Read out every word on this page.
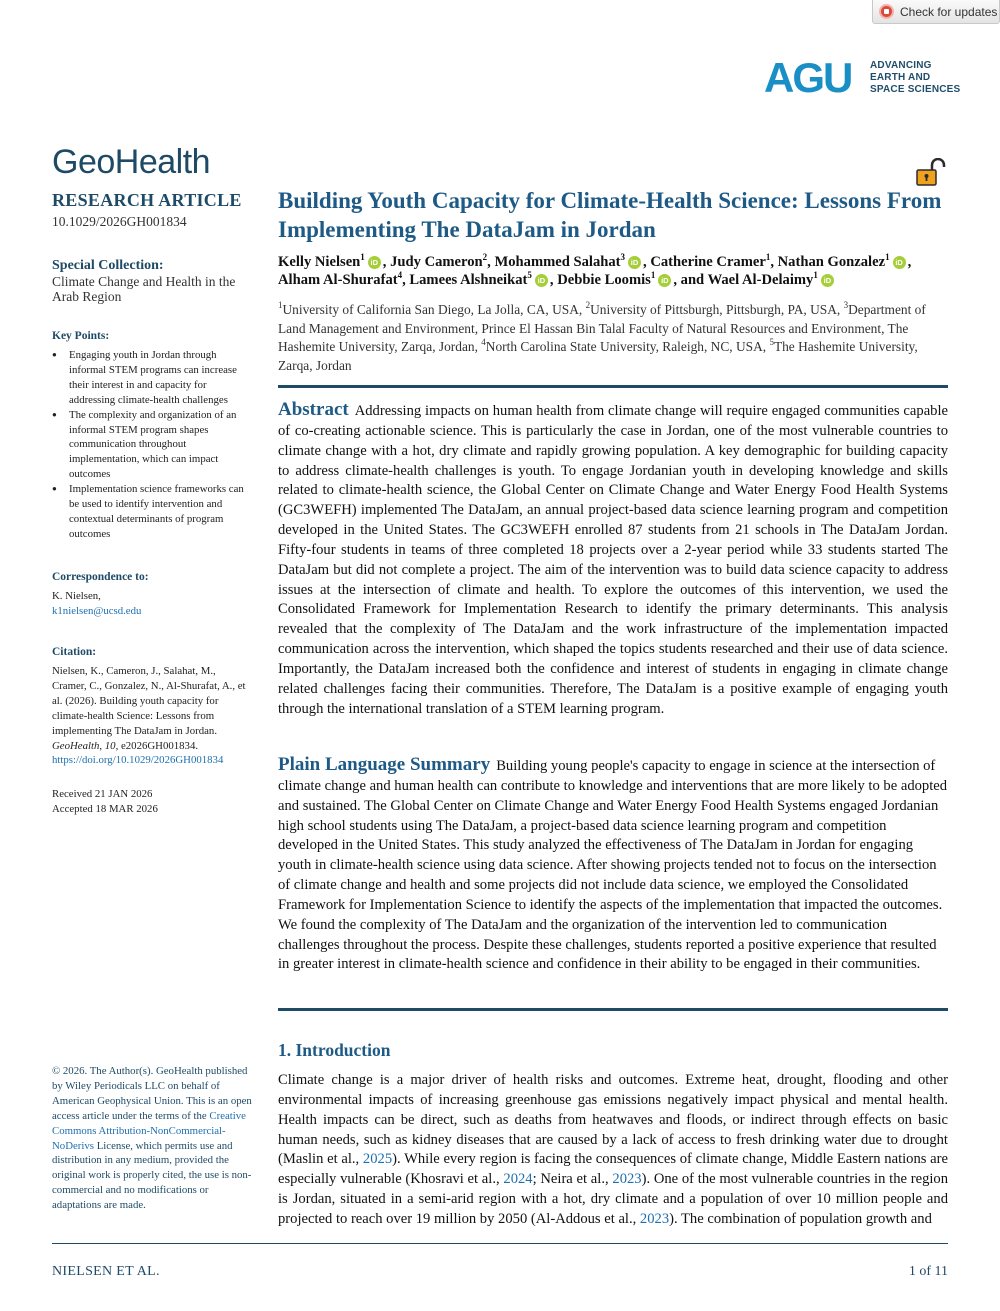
Check for updates
AGU ADVANCING
EARTH AND
SPACE SCIENCES
GeoHealth
RESEARCH ARTICLE
10.1029/2026GH001834
Special Collection:
Climate Change and Health in the Arab Region
Key Points:
● Engaging youth in Jordan through informal STEM programs can increase their interest in and capacity for addressing climate-health challenges
● The complexity and organization of an informal STEM program shapes communication throughout implementation, which can impact outcomes
● Implementation science frameworks can be used to identify intervention and contextual determinants of program outcomes
Correspondence to:
K. Nielsen,
k1nielsen@ucsd.edu
Citation:
Nielsen, K., Cameron, J., Salahat, M., Cramer, C., Gonzalez, N., Al-Shurafat, A., et al. (2026). Building youth capacity for climate-health Science: Lessons from implementing The DataJam in Jordan. GeoHealth, 10, e2026GH001834. https://doi.org/10.1029/2026GH001834
Received 21 JAN 2026
Accepted 18 MAR 2026
© 2026. The Author(s). GeoHealth published by Wiley Periodicals LLC on behalf of American Geophysical Union. This is an open access article under the terms of the Creative Commons Attribution-NonCommercial-NoDerivs License, which permits use and distribution in any medium, provided the original work is properly cited, the use is non-commercial and no modifications or adaptations are made.
Building Youth Capacity for Climate-Health Science: Lessons From Implementing The DataJam in Jordan
Kelly Nielsen$^1$iD , Judy Cameron$^2$, Mohammed Salahat$^3$iD , Catherine Cramer$^1$, Nathan Gonzalez$^1$iD , Alham Al-Shurafat$^4$, Lamees Alshneikat$^5$iD , Debbie Loomis$^1$iD , and Wael Al-Delaimy$^1$iD
$^1$University of California San Diego, La Jolla, CA, USA, $^2$University of Pittsburgh, Pittsburgh, PA, USA, $^3$Department of Land Management and Environment, Prince El Hassan Bin Talal Faculty of Natural Resources and Environment, The Hashemite University, Zarqa, Jordan, $^4$North Carolina State University, Raleigh, NC, USA, $^5$The Hashemite University, Zarqa, Jordan
Abstract Addressing impacts on human health from climate change will require engaged communities capable of co-creating actionable science. This is particularly the case in Jordan, one of the most vulnerable countries to climate change with a hot, dry climate and rapidly growing population. A key demographic for building capacity to address climate-health challenges is youth. To engage Jordanian youth in developing knowledge and skills related to climate-health science, the Global Center on Climate Change and Water Energy Food Health Systems (GC3WEFH) implemented The DataJam, an annual project-based data science learning program and competition developed in the United States. The GC3WEFH enrolled 87 students from 21 schools in The DataJam Jordan. Fifty-four students in teams of three completed 18 projects over a 2-year period while 33 students started The DataJam but did not complete a project. The aim of the intervention was to build data science capacity to address issues at the intersection of climate and health. To explore the outcomes of this intervention, we used the Consolidated Framework for Implementation Research to identify the primary determinants. This analysis revealed that the complexity of The DataJam and the work infrastructure of the implementation impacted communication across the intervention, which shaped the topics students researched and their use of data science. Importantly, the DataJam increased both the confidence and interest of students in engaging in climate change related challenges facing their communities. Therefore, The DataJam is a positive example of engaging youth through the international translation of a STEM learning program.
Plain Language Summary Building young people's capacity to engage in science at the intersection of climate change and human health can contribute to knowledge and interventions that are more likely to be adopted and sustained. The Global Center on Climate Change and Water Energy Food Health Systems engaged Jordanian high school students using The DataJam, a project-based data science learning program and competition developed in the United States. This study analyzed the effectiveness of The DataJam in Jordan for engaging youth in climate-health science using data science. After showing projects tended not to focus on the intersection of climate change and health and some projects did not include data science, we employed the Consolidated Framework for Implementation Science to identify the aspects of the implementation that impacted the outcomes. We found the complexity of The DataJam and the organization of the intervention led to communication challenges throughout the process. Despite these challenges, students reported a positive experience that resulted in greater interest in climate-health science and confidence in their ability to be engaged in their communities.
1. Introduction
Climate change is a major driver of health risks and outcomes. Extreme heat, drought, flooding and other environmental impacts of increasing greenhouse gas emissions negatively impact physical and mental health. Health impacts can be direct, such as deaths from heatwaves and floods, or indirect through effects on basic human needs, such as kidney diseases that are caused by a lack of access to fresh drinking water due to drought (Maslin et al., 2025). While every region is facing the consequences of climate change, Middle Eastern nations are especially vulnerable (Khosravi et al., 2024; Neira et al., 2023). One of the most vulnerable countries in the region is Jordan, situated in a semi-arid region with a hot, dry climate and a population of over 10 million people and projected to reach over 19 million by 2050 (Al-Addous et al., 2023). The combination of population growth and
NIELSEN ET AL.	1 of 11
